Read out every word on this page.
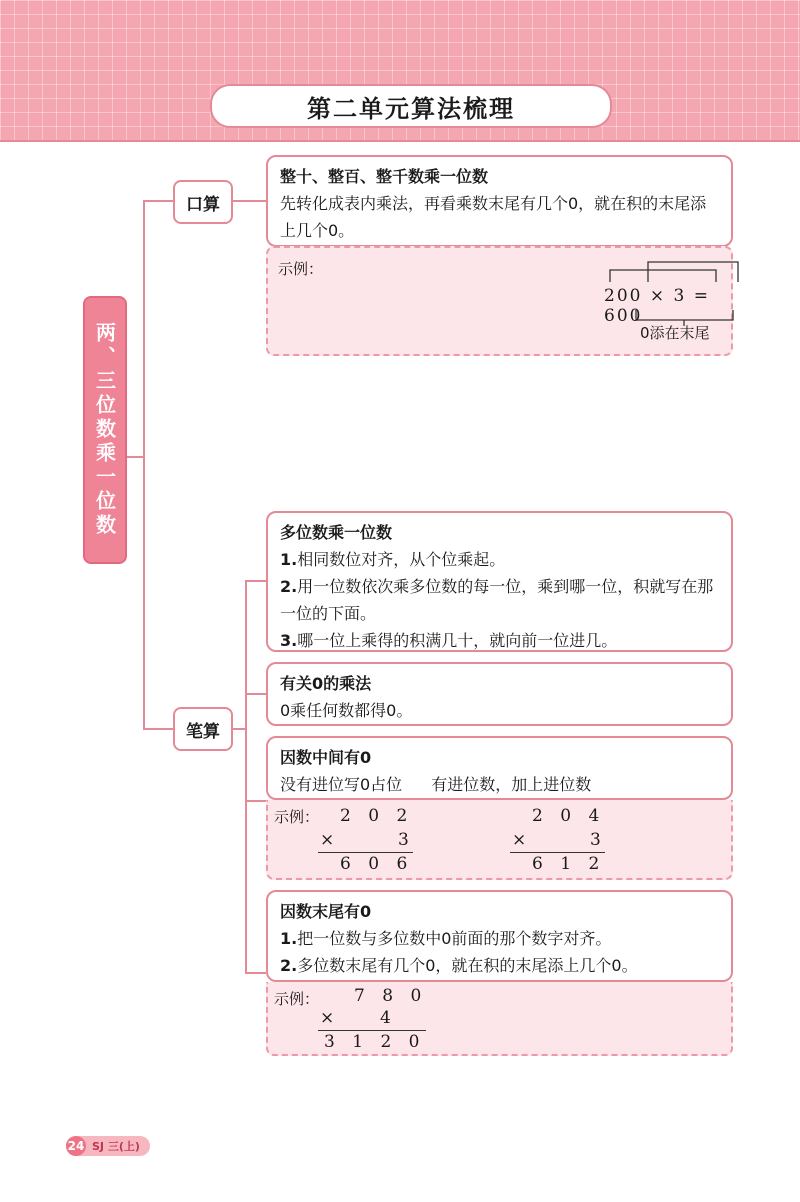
第二单元算法梳理
两、三位数乘一位数
口算
笔算
整十、整百、整千数乘一位数
先转化成表内乘法，再看乘数末尾有几个0，就在积的末尾添上几个0。
示例：
200 × 3 = 600
0添在末尾
多位数乘一位数
1.相同数位对齐，从个位乘起。
2.用一位数依次乘多位数的每一位，乘到哪一位，积就写在那一位的下面。
3.哪一位上乘得的积满几十，就向前一位进几。
有关0的乘法
0乘任何数都得0。
因数中间有0
没有进位写0占位 有进位数，加上进位数
示例： 2 0 2
×	3
6 0 6
2 0 4
×	3
6 1 2
因数末尾有0
1.把一位数与多位数中0前面的那个数字对齐。
2.多位数末尾有几个0，就在积的末尾添上几个0。
示例： 7 8 0
×	4
3 1 2 0
24 SJ 三(上)
